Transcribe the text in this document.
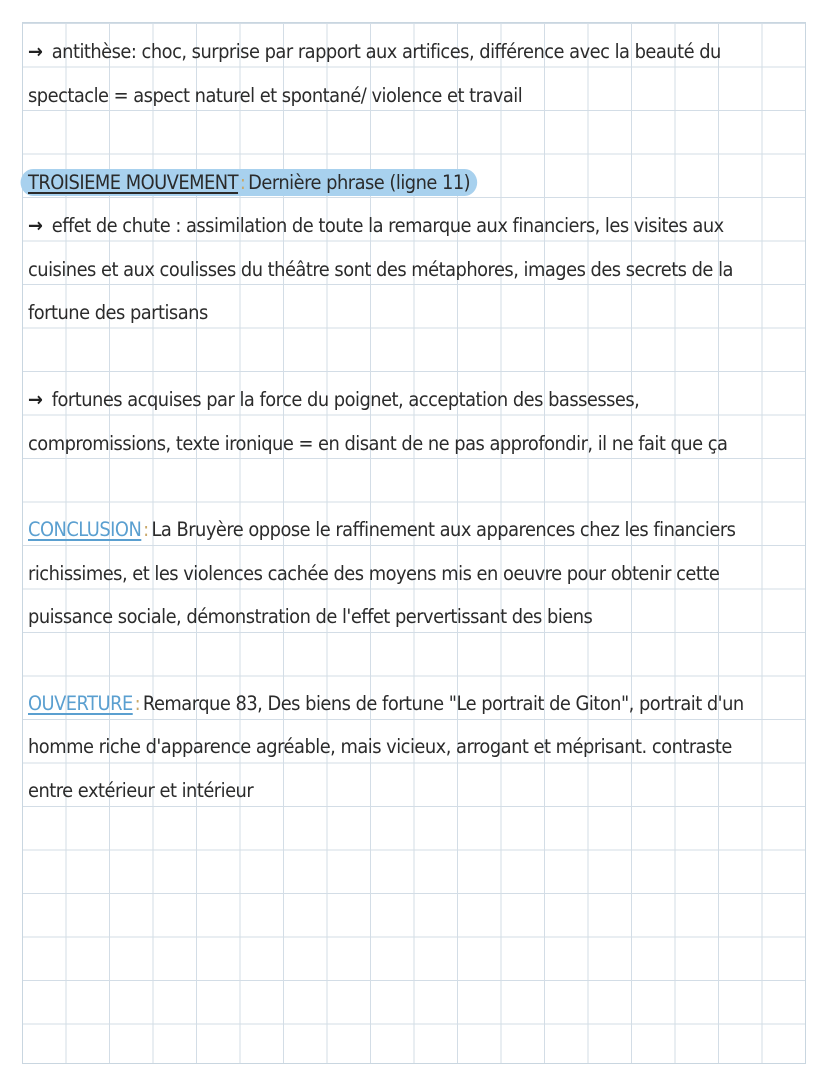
→ antithèse: choc, surprise par rapport aux artifices, différence avec la beauté du
spectacle = aspect naturel et spontané/ violence et travail
TROISIEME MOUVEMENT: Dernière phrase (ligne 11)
→ effet de chute : assimilation de toute la remarque aux financiers, les visites aux
cuisines et aux coulisses du théâtre sont des métaphores, images des secrets de la
fortune des partisans
→ fortunes acquises par la force du poignet, acceptation des bassesses,
compromissions, texte ironique = en disant de ne pas approfondir, il ne fait que ça
CONCLUSION: La Bruyère oppose le raffinement aux apparences chez les financiers
richissimes, et les violences cachée des moyens mis en oeuvre pour obtenir cette
puissance sociale, démonstration de l'effet pervertissant des biens
OUVERTURE: Remarque 83, Des biens de fortune "Le portrait de Giton", portrait d'un
homme riche d'apparence agréable, mais vicieux, arrogant et méprisant. contraste
entre extérieur et intérieur
